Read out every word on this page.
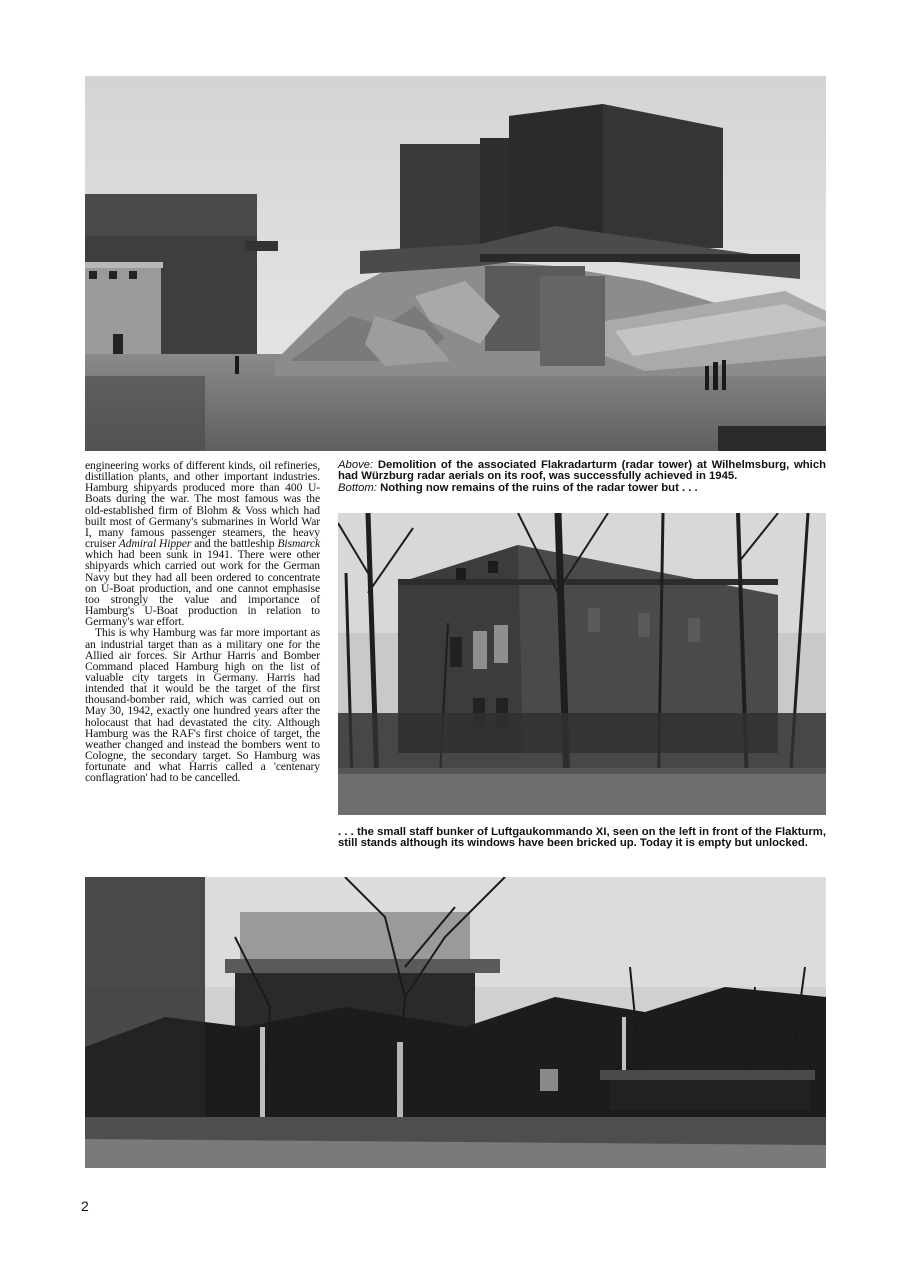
engineering works of different kinds, oil refineries, distillation plants, and other important industries. Hamburg shipyards produced more than 400 U-Boats during the war. The most famous was the old-established firm of Blohm & Voss which had built most of Germany's submarines in World War I, many famous passenger steamers, the heavy cruiser Admiral Hipper and the battleship Bismarck which had been sunk in 1941. There were other shipyards which carried out work for the German Navy but they had all been ordered to concentrate on U-Boat production, and one cannot emphasise too strongly the value and importance of Hamburg's U-Boat production in relation to Germany's war effort.

This is why Hamburg was far more important as an industrial target than as a military one for the Allied air forces. Sir Arthur Harris and Bomber Command placed Hamburg high on the list of valuable city targets in Germany. Harris had intended that it would be the target of the first thousand-bomber raid, which was carried out on May 30, 1942, exactly one hundred years after the holocaust that had devastated the city. Although Hamburg was the RAF's first choice of target, the weather changed and instead the bombers went to Cologne, the secondary target. So Hamburg was fortunate and what Harris called a 'centenary conflagration' had to be cancelled.

Above: Demolition of the associated Flakradarturm (radar tower) at Wilhelmsburg, which had Würzburg radar aerials on its roof, was successfully achieved in 1945.
Bottom: Nothing now remains of the ruins of the radar tower but . . .
. . . the small staff bunker of Luftgaukommando XI, seen on the left in front of the Flakturm, still stands although its windows have been bricked up. Today it is empty but unlocked.
2
